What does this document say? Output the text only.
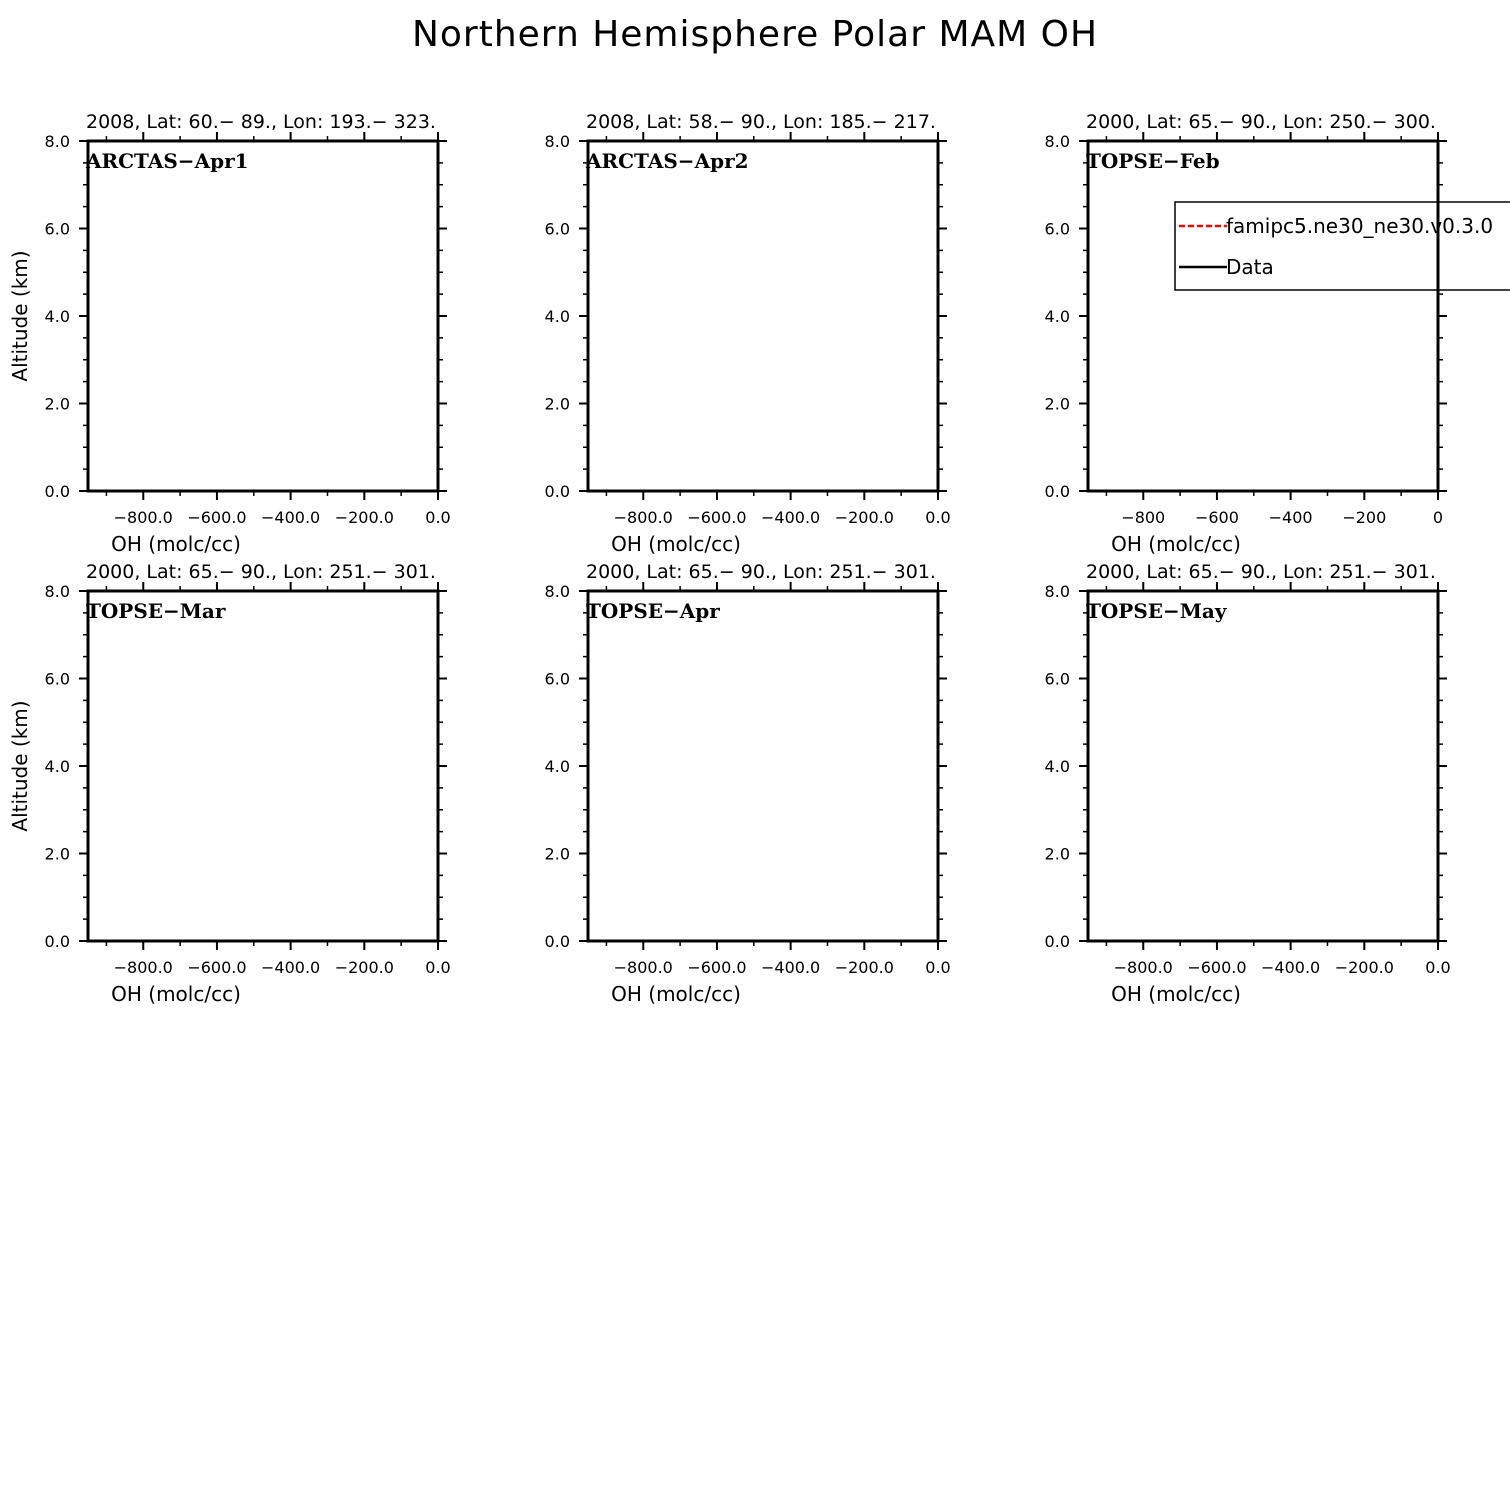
Northern Hemisphere Polar MAM OH
2008, Lat: 60.− 89., Lon: 193.− 323.
0.0
2.0
4.0
6.0
8.0
−800.0 −600.0 −400.0 −200.0 0.0
OH (molc/cc)
Altitude (km)
ARCTAS−Apr1
2008, Lat: 58.− 90., Lon: 185.− 217.
0.0
2.0
4.0
6.0
8.0
−800.0 −600.0 −400.0 −200.0 0.0
OH (molc/cc)
ARCTAS−Apr2
2000, Lat: 65.− 90., Lon: 250.− 300.
0.0
2.0
4.0
6.0
8.0
−800 −600 −400 −200	0
OH (molc/cc)
TOPSE−Feb
2000, Lat: 65.− 90., Lon: 251.− 301.
0.0
2.0
4.0
6.0
8.0
−800.0 −600.0 −400.0 −200.0 0.0
OH (molc/cc)
Altitude (km)
TOPSE−Mar
2000, Lat: 65.− 90., Lon: 251.− 301.
0.0
2.0
4.0
6.0
8.0
−800.0 −600.0 −400.0 −200.0 0.0
OH (molc/cc)
TOPSE−Apr
2000, Lat: 65.− 90., Lon: 251.− 301.
0.0
2.0
4.0
6.0
8.0
−800.0 −600.0 −400.0 −200.0 0.0
OH (molc/cc)
TOPSE−May
famipc5.ne30_ne30.v0.3.0
Data
